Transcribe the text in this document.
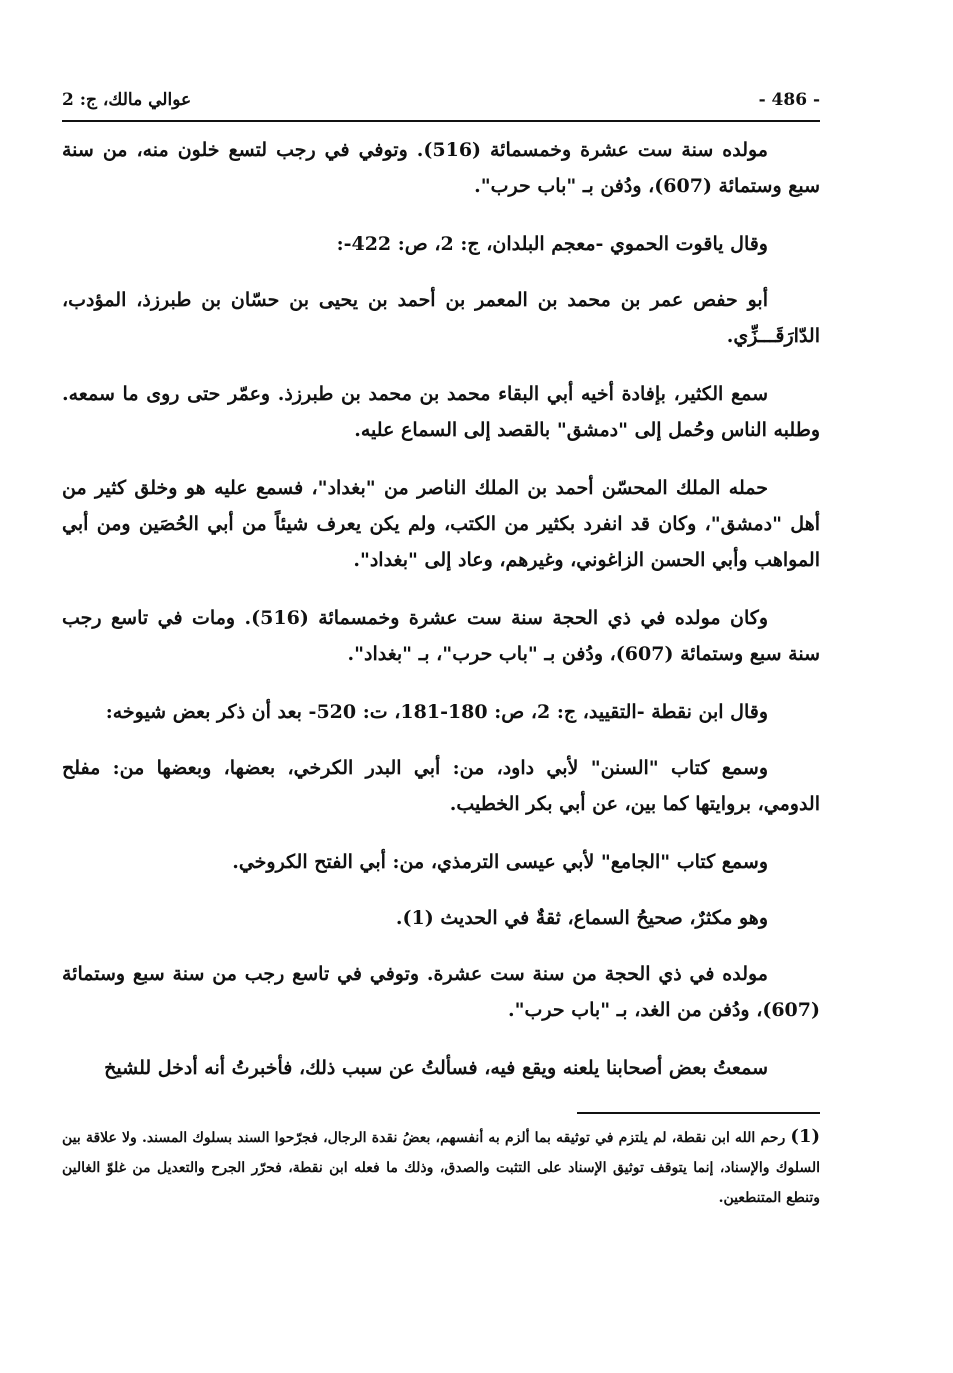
- 486 -
عوالي مالك، ج: 2

مولده سنة ست عشرة وخمسمائة (516). وتوفي في رجب لتسع خلون منه، من سنة سبع وستمائة (607)، ودُفن بـ "باب حرب".

وقال ياقوت الحموي -معجم البلدان، ج: 2، ص: 422-:

أبو حفص عمر بن محمد بن المعمر بن أحمد بن يحيى بن حسّان بن طبرزذ، المؤدب، الدّارَقَـــزِّي.

سمع الكثير، بإفادة أخيه أبي البقاء محمد بن محمد بن طبرزذ. وعمّر حتى روى ما سمعه. وطلبه الناس وحُمل إلى "دمشق" بالقصد إلى السماع عليه.

حمله الملك المحسّن أحمد بن الملك الناصر من "بغداد"، فسمع عليه هو وخلق كثير من أهل "دمشق"، وكان قد انفرد بكثير من الكتب، ولم يكن يعرف شيئاً من أبي الحُصَين ومن أبي المواهب وأبي الحسن الزاغوني، وغيرهم، وعاد إلى "بغداد".

وكان مولده في ذي الحجة سنة ست عشرة وخمسمائة (516). ومات في تاسع رجب سنة سبع وستمائة (607)، ودُفن بـ "باب حرب"، بـ "بغداد".

وقال ابن نقطة -التقييد، ج: 2، ص: 180-181، ت: 520- بعد أن ذكر بعض شيوخه:

وسمع كتاب "السنن" لأبي داود، من: أبي البدر الكرخي، بعضها، وبعضها من: مفلح الدومي، بروايتها كما بين، عن أبي بكر الخطيب.

وسمع كتاب "الجامع" لأبي عيسى الترمذي، من: أبي الفتح الكروخي.

وهو مكثرٌ، صحيحُ السماع، ثقةٌ في الحديث (1).

مولده في ذي الحجة من سنة ست عشرة. وتوفي في تاسع رجب من سنة سبع وستمائة (607)، ودُفن من الغد، بـ "باب حرب".

سمعتُ بعض أصحابنا يلعنه ويقع فيه، فسألتُ عن سبب ذلك، فأخبرتُ أنه أدخل للشيخ

(1) رحم الله ابن نقطة، لم يلتزم في توثيقه بما ألزم به أنفسهم، بعضُ نقدة الرجال، فجرّحوا السند بسلوك المسند. ولا علاقة بين السلوك والإسناد، إنما يتوقف توثيق الإسناد على التثبت والصدق، وذلك ما فعله ابن نقطة، فحرّر الجرح والتعديل من غلوّ الغالين وتنطع المتنطعين.
